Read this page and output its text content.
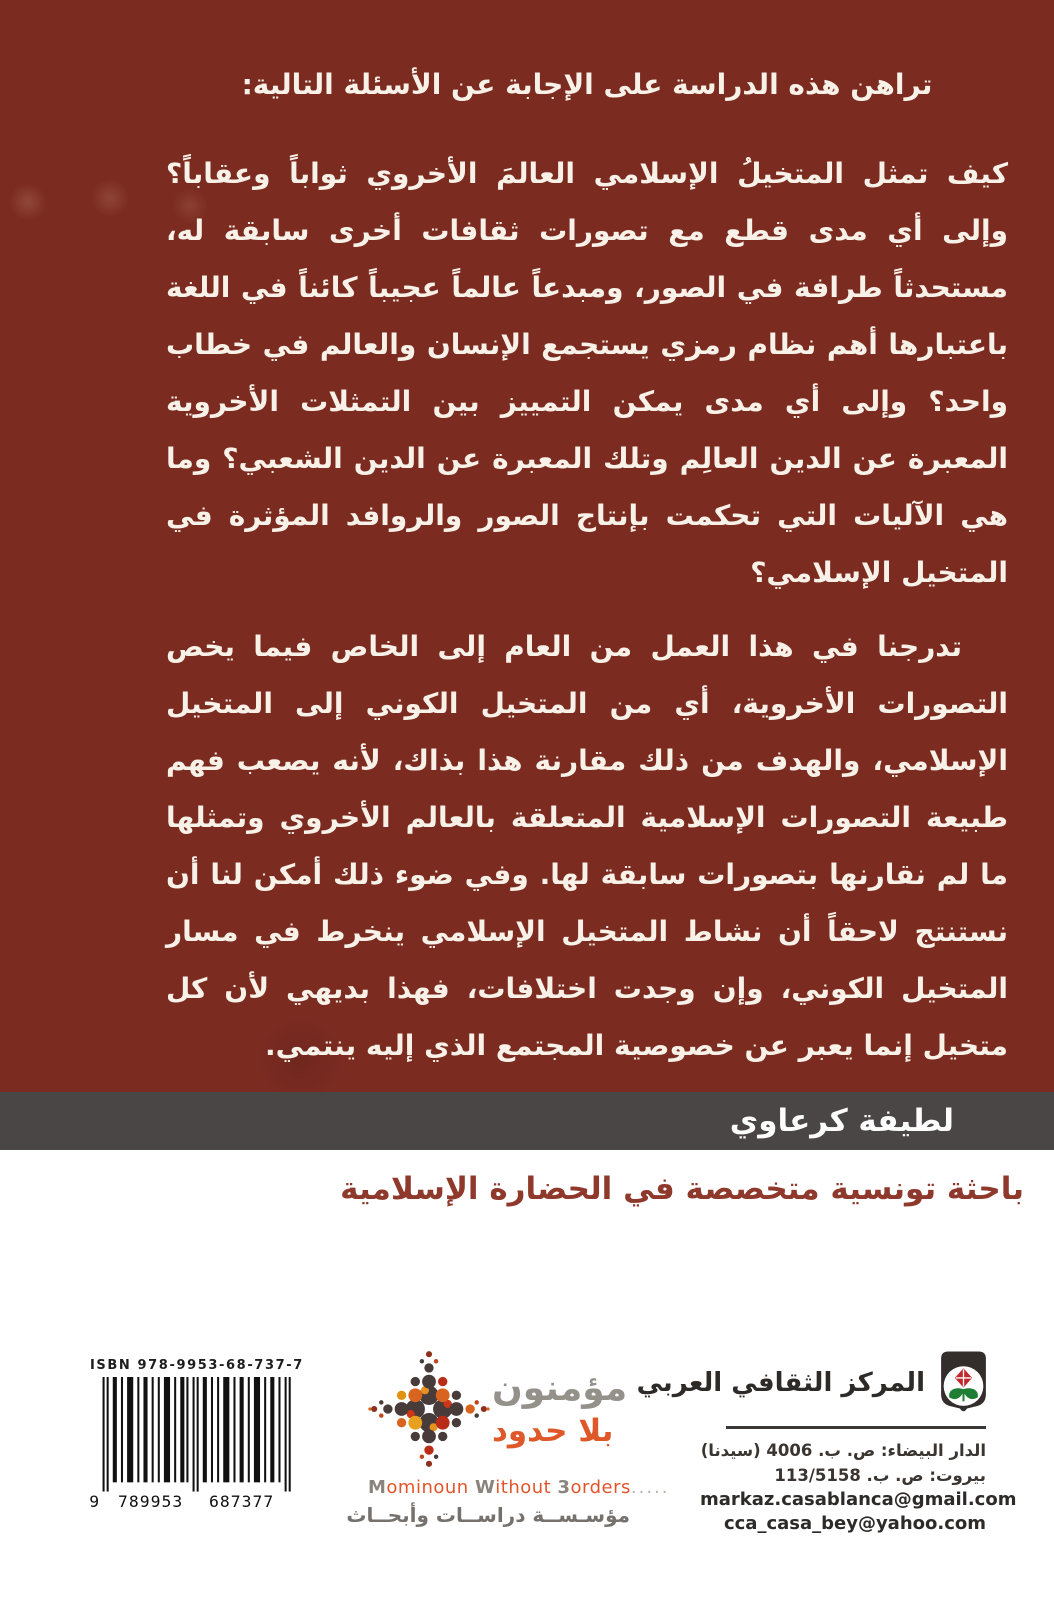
تراهن هذه الدراسة على الإجابة عن الأسئلة التالية:

كيف تمثل المتخيلُ الإسلامي العالمَ الأخروي ثواباً وعقاباً؟ وإلى أي مدى قطع مع تصورات ثقافات أخرى سابقة له، مستحدثاً طرافة في الصور، ومبدعاً عالماً عجيباً كائناً في اللغة باعتبارها أهم نظام رمزي يستجمع الإنسان والعالم في خطاب واحد؟ وإلى أي مدى يمكن التمييز بين التمثلات الأخروية المعبرة عن الدين العالِم وتلك المعبرة عن الدين الشعبي؟ وما هي الآليات التي تحكمت بإنتاج الصور والروافد المؤثرة في المتخيل الإسلامي؟

تدرجنا في هذا العمل من العام إلى الخاص فيما يخص التصورات الأخروية، أي من المتخيل الكوني إلى المتخيل الإسلامي، والهدف من ذلك مقارنة هذا بذاك، لأنه يصعب فهم طبيعة التصورات الإسلامية المتعلقة بالعالم الأخروي وتمثلها ما لم نقارنها بتصورات سابقة لها. وفي ضوء ذلك أمكن لنا أن نستنتج لاحقاً أن نشاط المتخيل الإسلامي ينخرط في مسار المتخيل الكوني، وإن وجدت اختلافات، فهذا بديهي لأن كل متخيل إنما يعبر عن خصوصية المجتمع الذي إليه ينتمي.

لطيفة كرعاوي
باحثة تونسية متخصصة في الحضارة الإسلامية
ISBN 978-9953-68-737-7
9 789953 687377
مؤمنون
بلا حدود
Mominoun Without 3orders.....
مؤسـســة دراســات وأبحــاث
المركز الثقافي العربي
الدار البيضاء: ص. ب. 4006 (سيدنا)
بيروت: ص. ب. 113/5158
markaz.casablanca@gmail.com
cca_casa_bey@yahoo.com
